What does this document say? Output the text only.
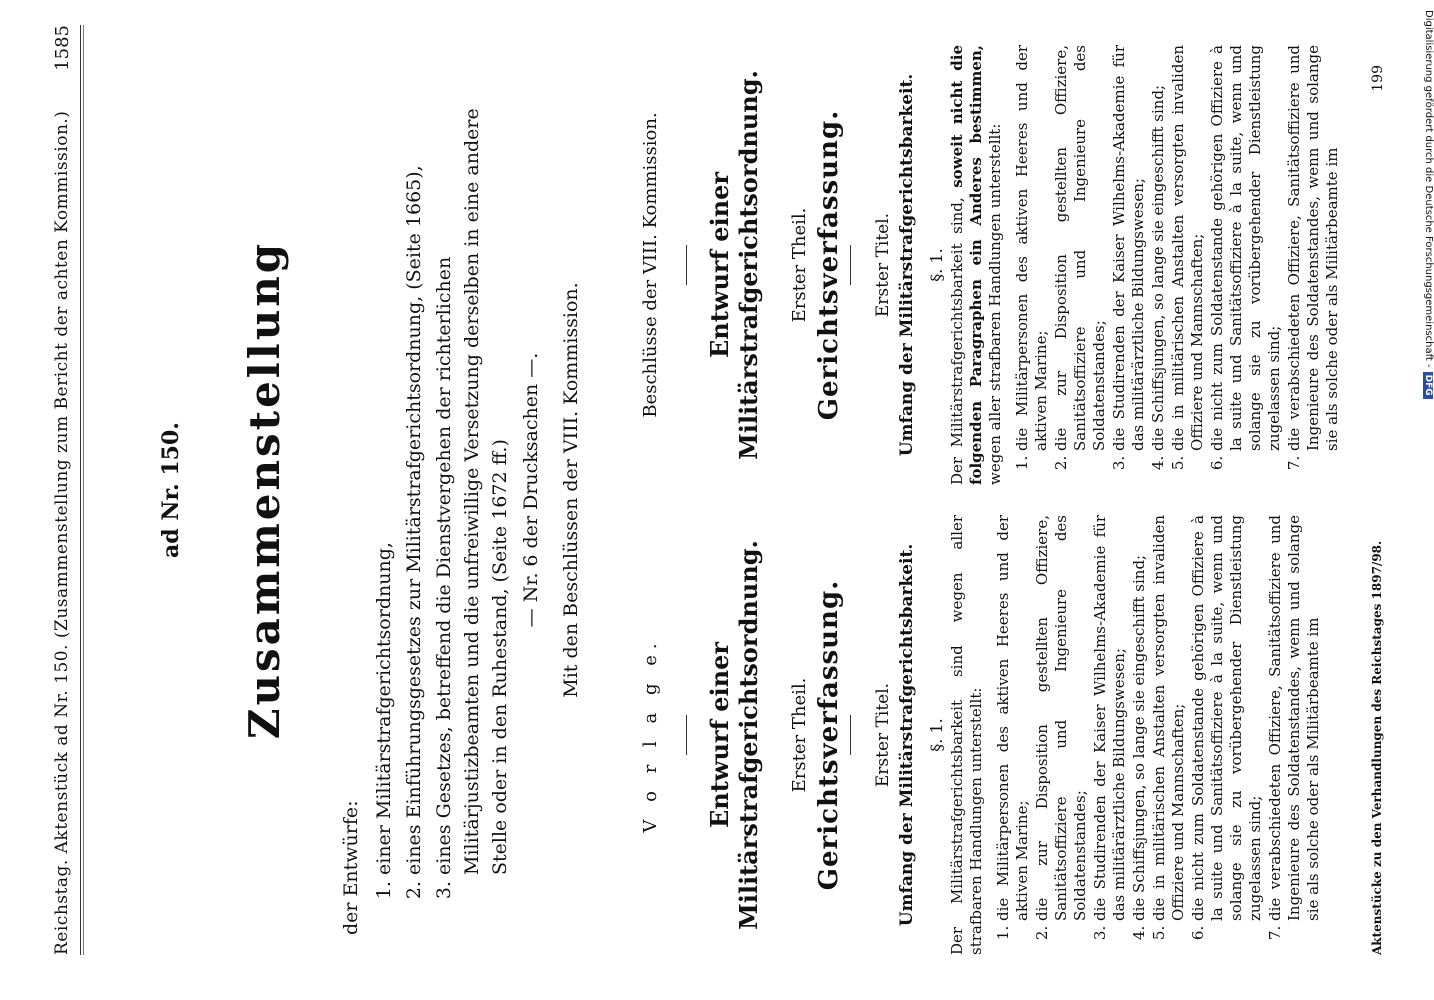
Reichstag. Aktenstück ad Nr. 150. (Zusammenstellung zum Bericht der achten Kommission.)
1585
ad Nr. 150. Zusammenstellung

der Entwürfe: 1. einer Militärstrafgerichtsordnung, 2. eines Einführungsgesetzes zur Militärstrafgerichtsordnung, (Seite 1665), 3. eines Gesetzes, betreffend die Dienstvergehen der richterlichen Militärjustizbeamten und die unfreiwillige Versetzung derselben in eine andere Stelle oder in den Ruhestand, (Seite 1672 ff.) — Nr. 6 der Drucksachen —. Mit den Beschlüssen der VIII. Kommission.
V o r l a g e.	Entwurf einer Militärstrafgerichtsordnung. Erster Theil. Gerichtsverfassung. Erster Titel. Umfang der Militärstrafgerichtsbarkeit. §. 1. Der Militärstrafgerichtsbarkeit sind wegen aller strafbaren Handlungen unterstellt: 1. die Militärpersonen des aktiven Heeres und der aktiven Marine; 2. die zur Disposition gestellten Offiziere, Sanitätsoffiziere und Ingenieure des Soldatenstandes; 3. die Studirenden der Kaiser Wilhelms-Akademie für das militärärztliche Bildungswesen; 4. die Schiffsjungen, so lange sie eingeschifft sind; 5. die in militärischen Anstalten versorgten invaliden Offiziere und Mannschaften; 6. die nicht zum Soldatenstande gehörigen Offiziere à la suite und Sanitätsoffiziere à la suite, wenn und solange sie zu vorübergehender Dienstleistung zugelassen sind; 7. die verabschiedeten Offiziere, Sanitätsoffiziere und Ingenieure des Soldatenstandes, wenn und solange sie als solche oder als Militärbeamte im
Beschlüsse der VIII. Kommission.	Entwurf einer Militärstrafgerichtsordnung. Erster Theil. Gerichtsverfassung. Erster Titel. Umfang der Militärstrafgerichtsbarkeit. §. 1. Der Militärstrafgerichtsbarkeit sind, soweit nicht die folgenden Paragraphen ein Anderes bestimmen, wegen aller strafbaren Handlungen unterstellt: 1. die Militärpersonen des aktiven Heeres und der aktiven Marine; 2. die zur Disposition gestellten Offiziere, Sanitätsoffiziere und Ingenieure des Soldatenstandes; 3. die Studirenden der Kaiser Wilhelms-Akademie für das militärärztliche Bildungswesen; 4. die Schiffsjungen, so lange sie eingeschifft sind; 5. die in militärischen Anstalten versorgten invaliden Offiziere und Mannschaften; 6. die nicht zum Soldatenstande gehörigen Offiziere à la suite und Sanitätsoffiziere à la suite, wenn und solange sie zu vorübergehender Dienstleistung zugelassen sind; 7. die verabschiedeten Offiziere, Sanitätsoffiziere und Ingenieure des Soldatenstandes, wenn und solange sie als solche oder als Militärbeamte im
Aktenstücke zu den Verhandlungen des Reichstages 1897/98.
199	Digitalisierung gefördert durch die Deutsche Forschungsgemeinschaft -DFG
